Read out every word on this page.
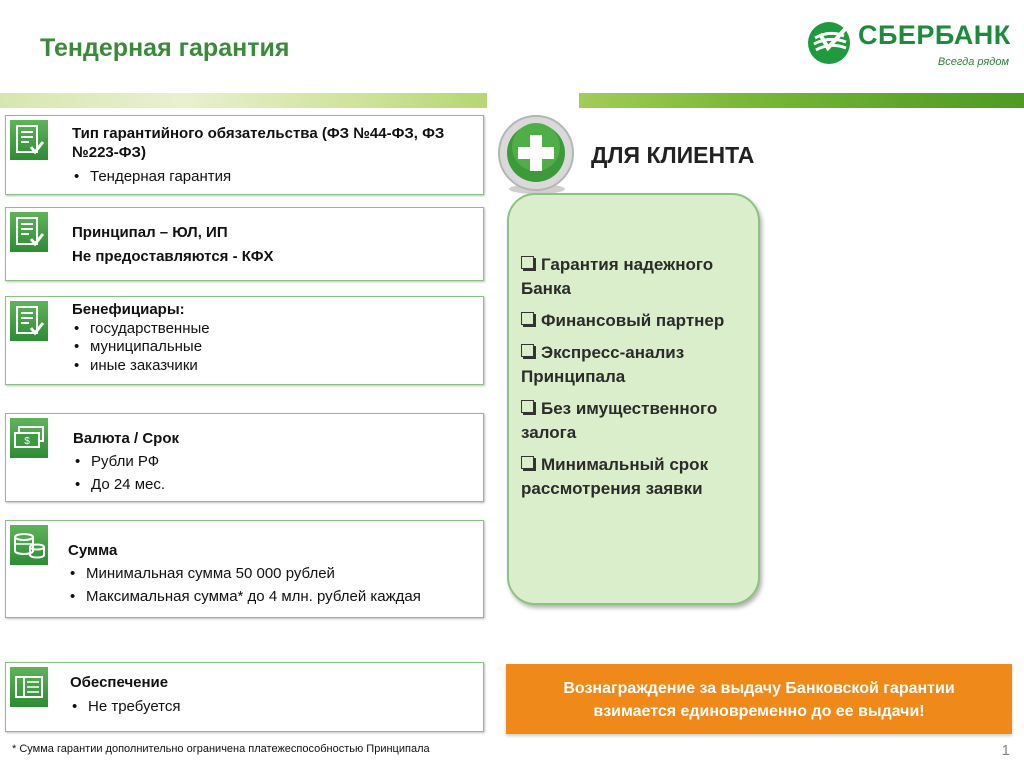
Тендерная гарантия	СБЕРБАНК
Всегда рядом
Тип гарантийного обязательства (ФЗ №44-ФЗ, ФЗ №223-ФЗ)
• Тендерная гарантия
Принципал – ЮЛ, ИП
Не предоставляются - КФХ
Бенефициары:
• государственные
• муниципальные
• иные заказчики
$	Валюта / Срок
• Рубли РФ
• До 24 мес.
Сумма
• Минимальная сумма 50 000 рублей
• Максимальная сумма* до 4 млн. рублей каждая
Обеспечение
• Не требуется
ДЛЯ КЛИЕНТА
Гарантия надежного Банка
Финансовый партнер
Экспресс-анализ Принципала
Без имущественного залога
Минимальный срок рассмотрения заявки
Вознаграждение за выдачу Банковской гарантии
взимается единовременно до ее выдачи!
* Сумма гарантии дополнительно ограничена платежеспособностью Принципала	1
